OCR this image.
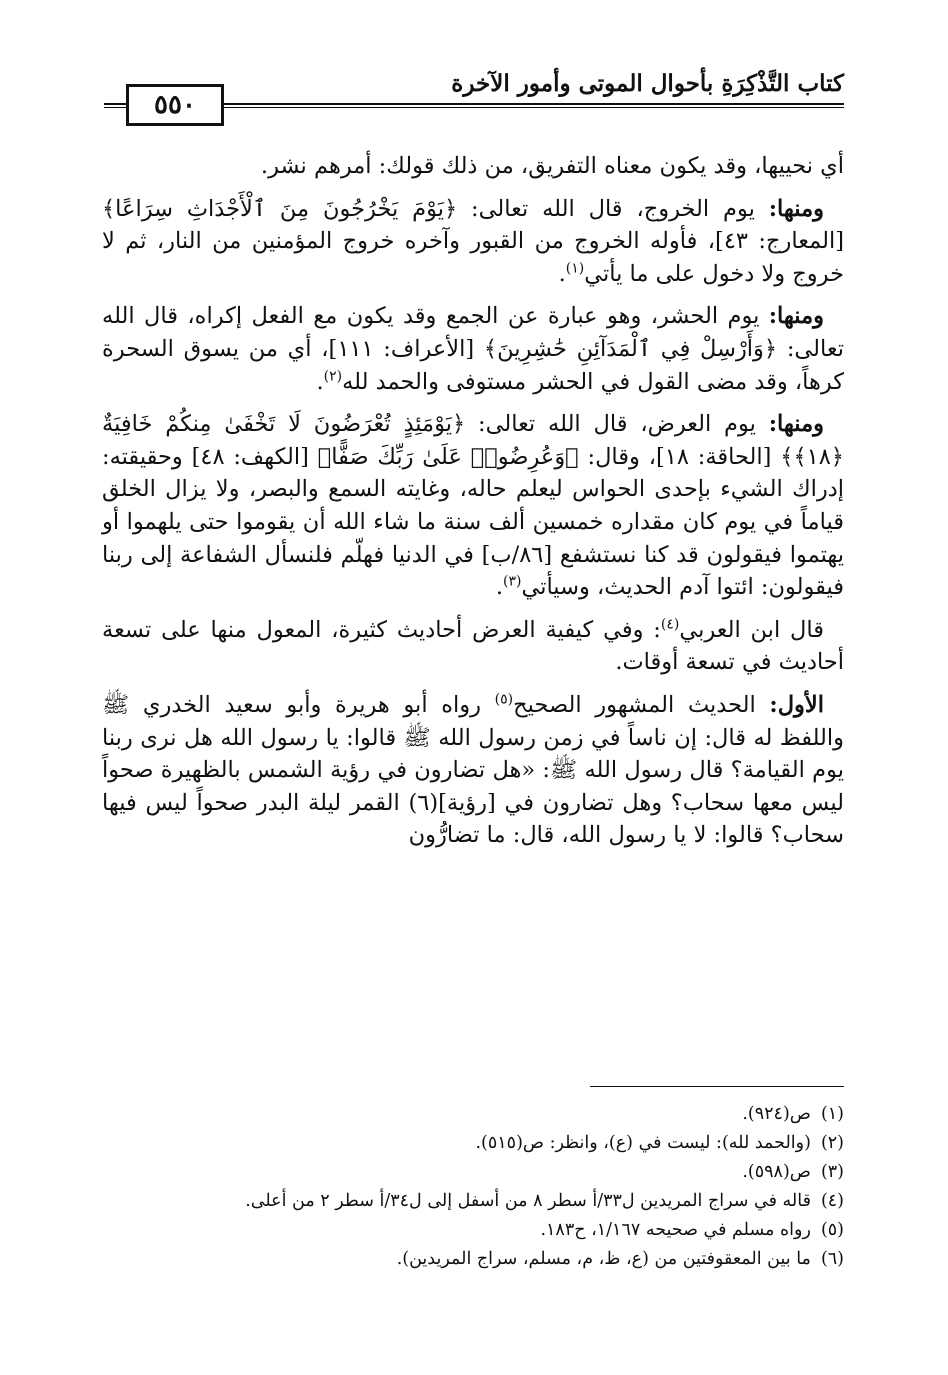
كتاب التَّذْكِرَةِ بأحوال الموتى وأمور الآخرة
٥٥٠

أي نحييها، وقد يكون معناه التفريق، من ذلك قولك: أمرهم نشر.

ومنها: يوم الخروج، قال الله تعالى: ﴿يَوْمَ يَخْرُجُونَ مِنَ ٱلْأَجْدَاثِ سِرَاعًا﴾ [المعارج: ٤٣]، فأوله الخروج من القبور وآخره خروج المؤمنين من النار، ثم لا خروج ولا دخول على ما يأتي$^{(١)}$.

ومنها: يوم الحشر، وهو عبارة عن الجمع وقد يكون مع الفعل إكراه، قال الله تعالى: ﴿وَأَرْسِلْ فِي ٱلْمَدَآئِنِ حَٰشِرِينَ﴾ [الأعراف: ١١١]، أي من يسوق السحرة كرهاً، وقد مضى القول في الحشر مستوفى والحمد لله$^{(٢)}$.

ومنها: يوم العرض، قال الله تعالى: ﴿يَوْمَئِذٍ تُعْرَضُونَ لَا تَخْفَىٰ مِنكُمْ خَافِيَةٌ ﴿١٨﴾﴾ [الحاقة: ١٨]، وقال: ﴿وَعُرِضُوا۟ عَلَىٰ رَبِّكَ صَفًّا﴾ [الكهف: ٤٨] وحقيقته: إدراك الشيء بإحدى الحواس ليعلم حاله، وغايته السمع والبصر، ولا يزال الخلق قياماً في يوم كان مقداره خمسين ألف سنة ما شاء الله أن يقوموا حتى يلهموا أو يهتموا فيقولون قد كنا نستشفع [٨٦/ب] في الدنيا فهلّم فلنسأل الشفاعة إلى ربنا فيقولون: ائتوا آدم الحديث، وسيأتي$^{(٣)}$.

قال ابن العربي$^{(٤)}$: وفي كيفية العرض أحاديث كثيرة، المعول منها على تسعة أحاديث في تسعة أوقات.

الأول: الحديث المشهور الصحيح$^{(٥)}$ رواه أبو هريرة وأبو سعيد الخدري ﷺ واللفظ له قال: إن ناساً في زمن رسول الله ﷺ قالوا: يا رسول الله هل نرى ربنا يوم القيامة؟ قال رسول الله ﷺ: «هل تضارون في رؤية الشمس بالظهيرة صحواً ليس معها سحاب؟ وهل تضارون في [رؤية](٦) القمر ليلة البدر صحواً ليس فيها سحاب؟ قالوا: لا يا رسول الله، قال: ما تضارُّون

(١)ص(٩٢٤).
(٢)(والحمد لله): ليست في (ع)، وانظر: ص(٥١٥).
(٣)ص(٥٩٨).
(٤)قاله في سراج المريدين ل٣٣/أ سطر ٨ من أسفل إلى ل٣٤/أ سطر ٢ من أعلى.
(٥)رواه مسلم في صحيحه ١/١٦٧، ح١٨٣.
(٦)ما بين المعقوفتين من (ع، ظ، م، مسلم، سراج المريدين).
